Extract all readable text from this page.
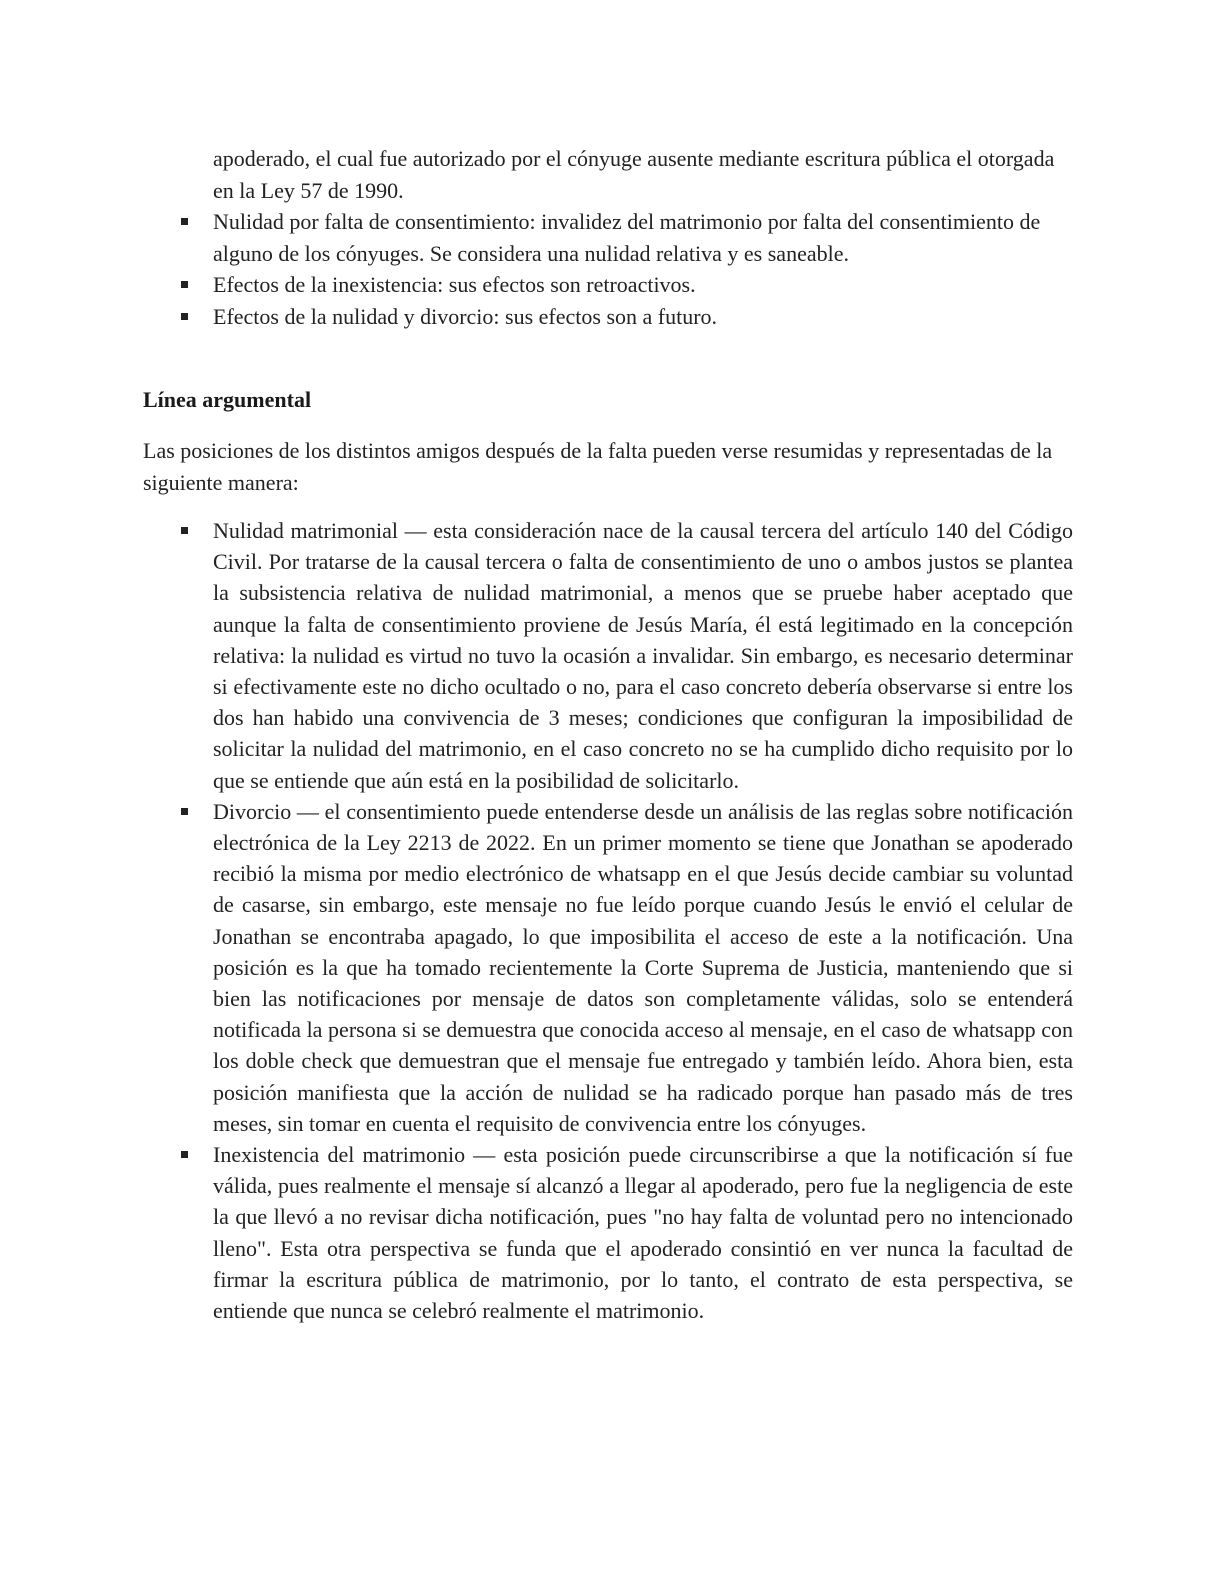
apoderado, el cual fue autorizado por el cónyuge ausente mediante escritura pública el otorgada en la Ley 57 de 1990.
Nulidad por falta de consentimiento: invalidez del matrimonio por falta del consentimiento de alguno de los cónyuges. Se considera una nulidad relativa y es saneable.
Efectos de la inexistencia: sus efectos son retroactivos.
Efectos de la nulidad y divorcio: sus efectos son a futuro.
Línea argumental
Las posiciones de los distintos amigos después de la falta pueden verse resumidas y representadas de la siguiente manera:
Nulidad matrimonial — esta consideración nace de la causal tercera del artículo 140 del Código Civil. Por tratarse de la causal tercera o falta de consentimiento de uno o ambos justos se plantea la subsistencia relativa de nulidad matrimonial, a menos que se pruebe haber aceptado que aunque la falta de consentimiento proviene de Jesús María, él está legitimado en la concepción relativa: la nulidad es virtud no tuvo la ocasión a invalidar. Sin embargo, es necesario determinar si efectivamente este no dicho ocultado o no, para el caso concreto debería observarse si entre los dos han habido una convivencia de 3 meses; condiciones que configuran la imposibilidad de solicitar la nulidad del matrimonio, en el caso concreto no se ha cumplido dicho requisito por lo que se entiende que aún está en la posibilidad de solicitarlo.
Divorcio — el consentimiento puede entenderse desde un análisis de las reglas sobre notificación electrónica de la Ley 2213 de 2022. En un primer momento se tiene que Jonathan se apoderado recibió la misma por medio electrónico de whatsapp en el que Jesús decide cambiar su voluntad de casarse, sin embargo, este mensaje no fue leído porque cuando Jesús le envió el celular de Jonathan se encontraba apagado, lo que imposibilita el acceso de este a la notificación. Una posición es la que ha tomado recientemente la Corte Suprema de Justicia, manteniendo que si bien las notificaciones por mensaje de datos son completamente válidas, solo se entenderá notificada la persona si se demuestra que conocida acceso al mensaje, en el caso de whatsapp con los doble check que demuestran que el mensaje fue entregado y también leído. Ahora bien, esta posición manifiesta que la acción de nulidad se ha radicado porque han pasado más de tres meses, sin tomar en cuenta el requisito de convivencia entre los cónyuges.
Inexistencia del matrimonio — esta posición puede circunscribirse a que la notificación sí fue válida, pues realmente el mensaje sí alcanzó a llegar al apoderado, pero fue la negligencia de este la que llevó a no revisar dicha notificación, pues "no hay falta de voluntad pero no intencionado lleno". Esta otra perspectiva se funda que el apoderado consintió en ver nunca la facultad de firmar la escritura pública de matrimonio, por lo tanto, el contrato de esta perspectiva, se entiende que nunca se celebró realmente el matrimonio.
